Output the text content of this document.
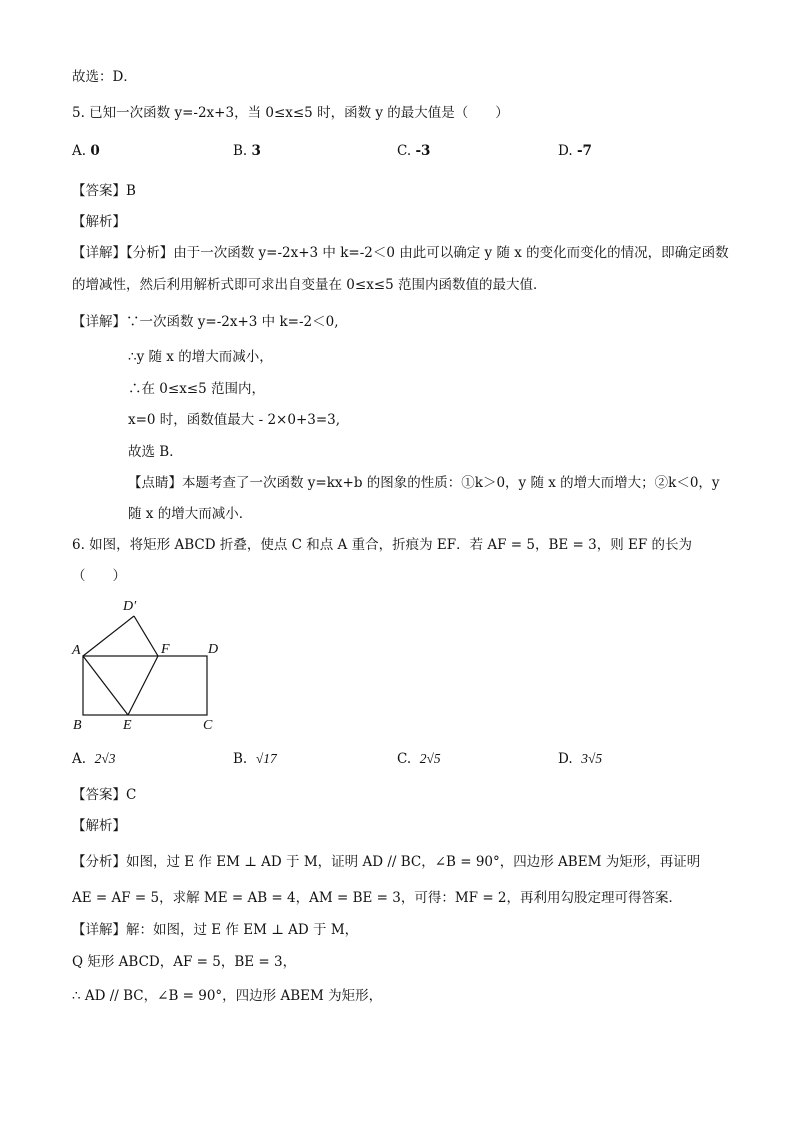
故选：D．
5. 已知一次函数 y=-2x+3，当 0≤x≤5 时，函数 y 的最大值是（　　）
A. 0	B. 3	C. -3	D. -7
【答案】B
【解析】
【详解】【分析】由于一次函数 y=-2x+3 中 k=-2＜0 由此可以确定 y 随 x 的变化而变化的情况，即确定函数
的增减性，然后利用解析式即可求出自变量在 0≤x≤5 范围内函数值的最大值．
【详解】∵一次函数 y=-2x+3 中 k=-2＜0,
∴y 随 x 的增大而减小，
∴在 0≤x≤5 范围内，
x=0 时，函数值最大 - 2×0+3=3,
故选 B．
【点睛】本题考查了一次函数 y=kx+b 的图象的性质：①k＞0，y 随 x 的增大而增大；②k＜0，y
随 x 的增大而减小．
6. 如图，将矩形 ABCD 折叠，使点 C 和点 A 重合，折痕为 EF．若 AF = 5，BE = 3，则 EF 的长为
（　　）
D′
A	F	D
B	E	C
A. 2√3	B. √17	C. 2√5	D. 3√5
【答案】C
【解析】
【分析】如图，过 E 作 EM ⊥ AD 于 M，证明 AD // BC，∠B = 90°，四边形 ABEM 为矩形，再证明
AE = AF = 5，求解 ME = AB = 4，AM = BE = 3，可得：MF = 2，再利用勾股定理可得答案．
【详解】解：如图，过 E 作 EM ⊥ AD 于 M，
Q 矩形 ABCD，AF = 5，BE = 3，
∴ AD // BC，∠B = 90°，四边形 ABEM 为矩形，
